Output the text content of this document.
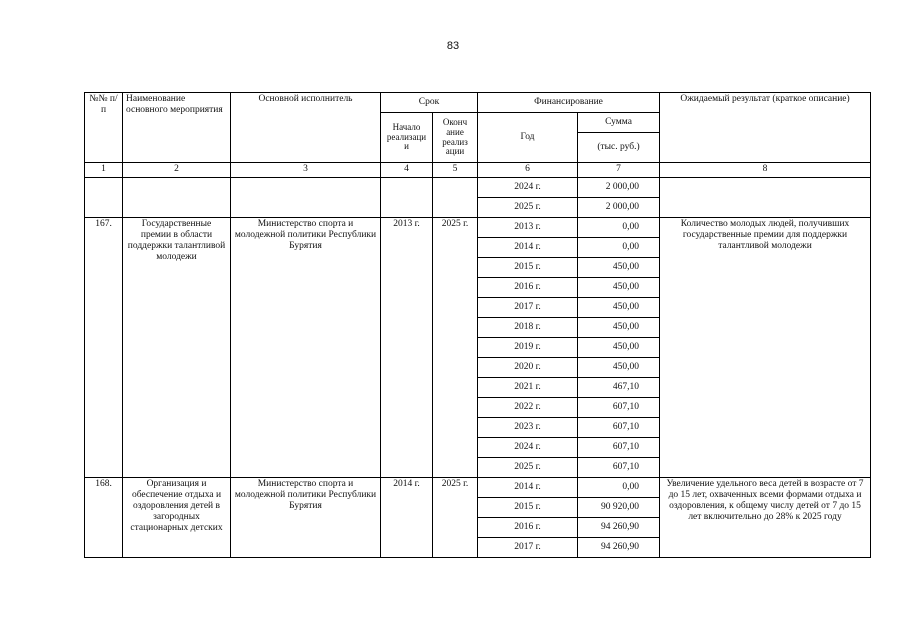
83
№№ п/п	Наименование основного мероприятия	Основной исполнитель	Срок		Финансирование		Ожидаемый результат (краткое описание)
			Начало реализаци и	Оконч ание реализ ации	Год	Сумма	
						(тыс. руб.)	
1	2	3	4	5	6	7	8
					2024 г.	2 000,00	
					2025 г.	2 000,00	
167.	Государственные премии в области поддержки талантливой молодежи	Министерство спорта и молодежной политики Республики Бурятия	2013 г.	2025 г.	2013 г.	0,00	Количество молодых людей, получивших государственные премии для поддержки талантливой молодежи
					2014 г.	0,00	
					2015 г.	450,00	
					2016 г.	450,00	
					2017 г.	450,00	
					2018 г.	450,00	
					2019 г.	450,00	
					2020 г.	450,00	
					2021 г.	467,10	
					2022 г.	607,10	
					2023 г.	607,10	
					2024 г.	607,10	
					2025 г.	607,10	
168.	Организация и обеспечение отдыха и оздоровления детей в загородных стационарных детских	Министерство спорта и молодежной политики Республики Бурятия	2014 г.	2025 г.	2014 г.	0,00	Увеличение удельного веса детей в возрасте от 7 до 15 лет, охваченных всеми формами отдыха и оздоровления, к общему числу детей от 7 до 15 лет включительно до 28% к 2025 году
					2015 г.	90 920,00	
					2016 г.	94 260,90	
					2017 г.	94 260,90	
